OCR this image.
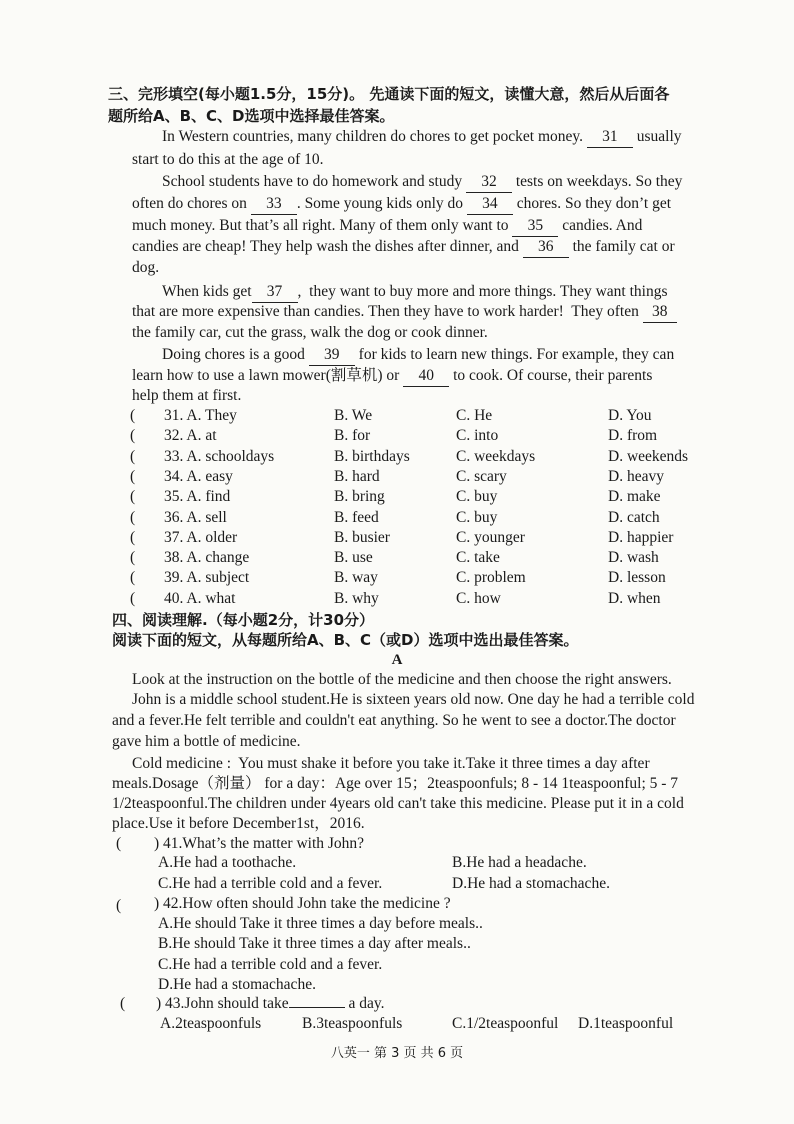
三、完形填空(每小题1.5分，15分)。 先通读下面的短文，读懂大意，然后从后面各
题所给A、B、C、D选项中选择最佳答案。
In Western countries, many children do chores to get pocket money. 31 usually
start to do this at the age of 10.
School students have to do homework and study 32 tests on weekdays. So they
often do chores on 33 . Some young kids only do 34 chores. So they don’t get
much money. But that’s all right. Many of them only want to 35 candies. And
candies are cheap! They help wash the dishes after dinner, and 36 the family cat or
dog.
When kids get 37 ,  they want to buy more and more things. They want things
that are more expensive than candies. Then they have to work harder!  They often 38
the family car, cut the grass, walk the dog or cook dinner.
Doing chores is a good 39 for kids to learn new things. For example, they can
learn how to use a lawn mower(割草机) or 40 to cook. Of course, their parents
help them at first.
( 31. A. They	B. We	C. He	D. You
( 32. A. at	B. for	C. into	D. from
( 33. A. schooldays	B. birthdays	C. weekdays	D. weekends
( 34. A. easy	B. hard	C. scary	D. heavy
( 35. A. find	B. bring	C. buy	D. make
( 36. A. sell	B. feed	C. buy	D. catch
( 37. A. older	B. busier	C. younger	D. happier
( 38. A. change	B. use	C. take	D. wash
( 39. A. subject	B. way	C. problem	D. lesson
( 40. A. what	B. why	C. how	D. when
四、阅读理解.（每小题2分，计30分）
阅读下面的短文，从每题所给A、B、C（或D）选项中选出最佳答案。
A
Look at the instruction on the bottle of the medicine and then choose the right answers.
John is a middle school student.He is sixteen years old now. One day he had a terrible cold
and a fever.He felt terrible and couldn't eat anything. So he went to see a doctor.The doctor
gave him a bottle of medicine.
Cold medicine :  You must shake it before you take it.Take it three times a day after
meals.Dosage（剂量） for a day：Age over 15；2teaspoonfuls; 8 - 14 1teaspoonful; 5 - 7
1/2teaspoonful.The children under 4years old can't take this medicine. Please put it in a cold
place.Use it before December1st，2016.
( ) 41.What’s the matter with John?
A.He had a toothache.	B.He had a headache.
C.He had a terrible cold and a fever.	D.He had a stomachache.
( ) 42.How often should John take the medicine ?
A.He should Take it three times a day before meals..
B.He should Take it three times a day after meals..
C.He had a terrible cold and a fever.
D.He had a stomachache.
( ) 43.John should take	a day.
A.2teaspoonfuls	B.3teaspoonfuls	C.1/2teaspoonful D.1teaspoonful
八英一 第 3 页 共 6 页
